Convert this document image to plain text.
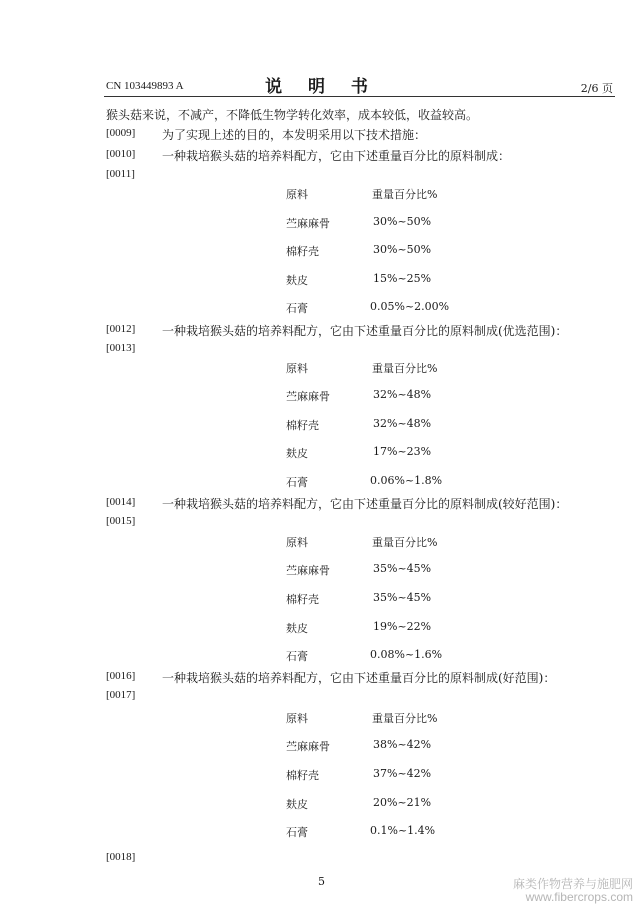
CN 103449893 A	说 明 书	2/6 页
猴头菇来说，不减产，不降低生物学转化效率，成本较低，收益较高。
[0009] 为了实现上述的目的，本发明采用以下技术措施：
[0010] 一种栽培猴头菇的培养料配方，它由下述重量百分比的原料制成：
[0011]
原料	重量百分比%
苎麻麻骨	30%~50%
棉籽壳	30%~50%
麸皮	15%~25%
石膏	0.05%~2.00%
[0012] 一种栽培猴头菇的培养料配方，它由下述重量百分比的原料制成(优选范围)：
[0013]
原料	重量百分比%
苎麻麻骨	32%~48%
棉籽壳	32%~48%
麸皮	17%~23%
石膏	0.06%~1.8%
[0014] 一种栽培猴头菇的培养料配方，它由下述重量百分比的原料制成(较好范围)：
[0015]
原料	重量百分比%
苎麻麻骨	35%~45%
棉籽壳	35%~45%
麸皮	19%~22%
石膏	0.08%~1.6%
[0016] 一种栽培猴头菇的培养料配方，它由下述重量百分比的原料制成(好范围)：
[0017]
原料	重量百分比%
苎麻麻骨	38%~42%
棉籽壳	37%~42%
麸皮	20%~21%
石膏	0.1%~1.4%
[0018]
5	麻类作物营养与施肥网
www.fibercrops.com
